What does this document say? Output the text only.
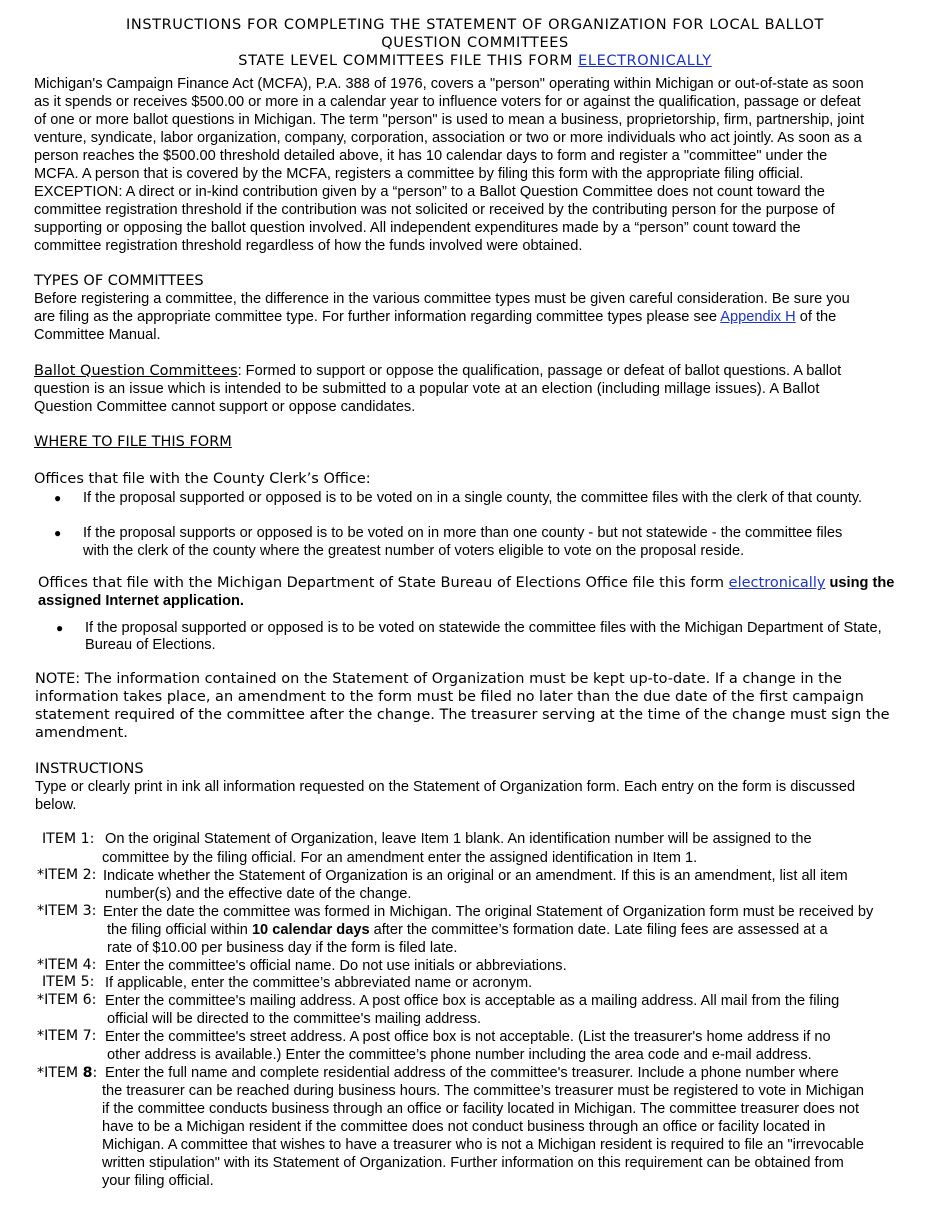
INSTRUCTIONS FOR COMPLETING THE STATEMENT OF ORGANIZATION FOR LOCAL BALLOT
QUESTION COMMITTEES
STATE LEVEL COMMITTEES FILE THIS FORM ELECTRONICALLY
Michigan's Campaign Finance Act (MCFA), P.A. 388 of 1976, covers a "person" operating within Michigan or out-of-state as soon
as it spends or receives $500.00 or more in a calendar year to influence voters for or against the qualification, passage or defeat
of one or more ballot questions in Michigan. The term "person" is used to mean a business, proprietorship, firm, partnership, joint
venture, syndicate, labor organization, company, corporation, association or two or more individuals who act jointly. As soon as a
person reaches the $500.00 threshold detailed above, it has 10 calendar days to form and register a "committee" under the
MCFA. A person that is covered by the MCFA, registers a committee by filing this form with the appropriate filing official.
EXCEPTION: A direct or in-kind contribution given by a “person” to a Ballot Question Committee does not count toward the
committee registration threshold if the contribution was not solicited or received by the contributing person for the purpose of
supporting or opposing the ballot question involved. All independent expenditures made by a “person” count toward the
committee registration threshold regardless of how the funds involved were obtained.
TYPES OF COMMITTEES
Before registering a committee, the difference in the various committee types must be given careful consideration. Be sure you
are filing as the appropriate committee type. For further information regarding committee types please see Appendix H of the
Committee Manual.
Ballot Question Committees: Formed to support or oppose the qualification, passage or defeat of ballot questions. A ballot
question is an issue which is intended to be submitted to a popular vote at an election (including millage issues). A Ballot
Question Committee cannot support or oppose candidates.
WHERE TO FILE THIS FORM
Offices that file with the County Clerk’s Office:
● If the proposal supported or opposed is to be voted on in a single county, the committee files with the clerk of that county.
● If the proposal supports or opposed is to be voted on in more than one county - but not statewide - the committee files
with the clerk of the county where the greatest number of voters eligible to vote on the proposal reside.
Offices that file with the Michigan Department of State Bureau of Elections Office file this form electronically using the
assigned Internet application.
● If the proposal supported or opposed is to be voted on statewide the committee files with the Michigan Department of State,
Bureau of Elections.
NOTE: The information contained on the Statement of Organization must be kept up-to-date. If a change in the
information takes place, an amendment to the form must be filed no later than the due date of the first campaign
statement required of the committee after the change. The treasurer serving at the time of the change must sign the
amendment.
INSTRUCTIONS
Type or clearly print in ink all information requested on the Statement of Organization form. Each entry on the form is discussed
below.
ITEM 1: On the original Statement of Organization, leave Item 1 blank. An identification number will be assigned to the
committee by the filing official. For an amendment enter the assigned identification in Item 1.
*ITEM 2: Indicate whether the Statement of Organization is an original or an amendment. If this is an amendment, list all item
number(s) and the effective date of the change.
*ITEM 3: Enter the date the committee was formed in Michigan. The original Statement of Organization form must be received by
the filing official within 10 calendar days after the committee’s formation date. Late filing fees are assessed at a
rate of $10.00 per business day if the form is filed late.
*ITEM 4: Enter the committee's official name. Do not use initials or abbreviations.
ITEM 5: If applicable, enter the committee’s abbreviated name or acronym.
*ITEM 6: Enter the committee's mailing address. A post office box is acceptable as a mailing address. All mail from the filing
official will be directed to the committee's mailing address.
*ITEM 7: Enter the committee's street address. A post office box is not acceptable. (List the treasurer's home address if no
other address is available.) Enter the committee’s phone number including the area code and e-mail address.
*ITEM 8: Enter the full name and complete residential address of the committee's treasurer. Include a phone number where
the treasurer can be reached during business hours. The committee’s treasurer must be registered to vote in Michigan
if the committee conducts business through an office or facility located in Michigan. The committee treasurer does not
have to be a Michigan resident if the committee does not conduct business through an office or facility located in
Michigan. A committee that wishes to have a treasurer who is not a Michigan resident is required to file an "irrevocable
written stipulation" with its Statement of Organization. Further information on this requirement can be obtained from
your filing official.
